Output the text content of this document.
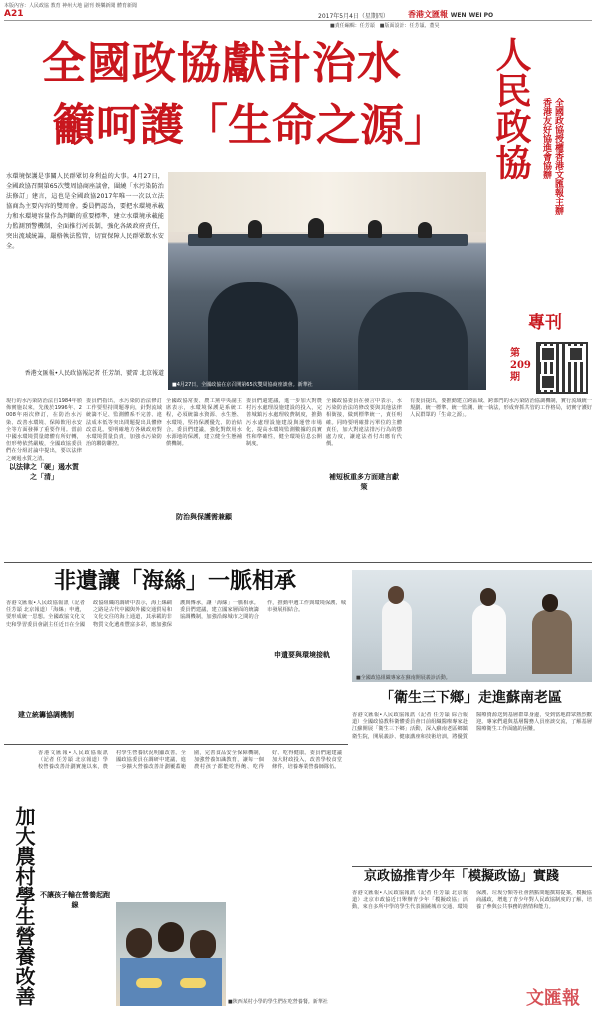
本版內容：人民政協 教育 神州大地 副刊 娛樂新聞 體育新聞
A21	2017年5月4日（星期四） 香港文匯報 WEN WEI PO
■責任編輯：任芳頡　■版面設計：任芳頡、董昊
人民政協 全國政協授權香港文匯報主辦
香港友好協進會協辦
專刊
第209期
全國政協獻計治水
籲呵護「生命之源」
水環境保護是事關人民群眾切身利益的大事。4月27日，全國政協召開第65次雙周協商座談會，圍繞「水污染防治法修訂」建言，這也是全國政協2017年唯一一次以立法協商為主要內容的雙周會。委員們認為，要把水環境承載力和水環境容量作為判斷的重要標準，建立水環境承載能力監測預警機制，全面推行河長制，強化各級政府責任，突出流域統籌，嚴格執法監管，切實保障人民群眾飲水安全。
香港文匯報•人民政協報記者 任芳頡、號雷 北京報道
■4月27日，全國政協在京召開第65次雙周協商座談會。新華社
現行的水污染防治法自1984年頒佈實施以來，先後於1996年、2008年兩次修訂，在防治水污染、改善水環境、保障飲用水安全等方面發揮了重要作用。當前中國水環境質量總體有所好轉，但形勢依然嚴峻，全國政協委員們在分組討論中提出，要以法律之硬遏水質之清。
以法律之「硬」遏水質之「清」
委員們指出，水污染防治法修訂工作要堅持問題導向，針對流域統籌不足、監測體系不完善、違法成本低等突出問題提出具體修改意見。要明確地方各級政府對水環境質量負責，加強水污染防治的聯防聯控。
全國政協常委、農工黨中央副主席表示，水環境保護是系統工程，必須統籌水資源、水生態、水環境，堅持保護優先、防治結合。委員們建議，強化對飲用水水源地的保護，建立健全生態補償機制。
防治與保護需兼顧
委員們還建議，進一步加大對農村污水處理設施建設的投入，完善城鎮污水處理收費制度，推動污水處理設施建設與運營市場化，提高水環境監測數據的真實性和準確性，健全環境信息公開制度。
全國政協委員在發言中表示，水污染防治法的修改要與其他法律相銜接，做到標準統一，責任明確。同時要明確排污單位的主體責任，加大對違法排污行為的懲處力度，讓違法者付出應有代價。
補短板重多方面建言獻策
有委員提出，要推動建立跨區域、跨部門的水污染防治協調機制，實行流域統一規劃、統一標準、統一監測、統一執法，形成齊抓共管的工作格局，切實守護好人民群眾的「生命之源」。
非遺讓「海絲」一脈相承
香港文匯報•人民政協報訊（記者 任芳頡 北京報道）「海絲」申遺，要形成統一思想。全國政協文化文史和學習委員會副主任近日在全國政協組織的調研中表示，海上絲綢之路是古代中國與外國交通貿易和文化交往的海上通道，其承載的非物質文化遺產豐富多彩，應加強保護與傳承，讓「海絲」一脈相承。委員們建議，建立國家層面的統籌協調機制，加強沿線城市之間的合作，推動申遺工作與環境保護、城市發展相結合。
建立統籌協調機制
申遺要與環境接軌
■全國政協組織專家在蘇南開展義診活動。
「衛生三下鄉」走進蘇南老區
香港文匯報•人民政協報訊（記者 任芳頡 綜合報道）全國政協教科衛體委員會日前組織醫療專家赴江蘇開展「衛生三下鄉」活動，深入蘇南老區鄉鎮衛生院，開展義診、健康講座和技術培訓，將優質醫療資源送到基層群眾身邊，受到當地群眾熱烈歡迎。專家們還與基層醫務人員座談交流，了解基層醫療衛生工作面臨的困難。
加大農村學生營養改善
香港文匯報•人民政協報訊（記者 任芳頡 北京報道）學校營養改善計劃實施以來，農村學生營養狀況明顯改善。全國政協委員在調研中建議，進一步擴大營養改善計劃覆蓋範圍，完善食品安全保障機制，加強營養知識教育，讓每一個農村孩子都能吃得飽、吃得好、吃得健康。委員們還建議加大財政投入，改善學校食堂條件，培養專業營養師隊伍。
不讓孩子輸在營養起跑線
■陝西某村小學的學生們在吃營養餐。新華社
京政協推青少年「模擬政協」實踐
香港文匯報•人民政協報訊（記者 任芳頡 北京報道）北京市政協近日舉辦青少年「模擬政協」活動，來自多所中學的學生代表圍繞城市交通、環境保護、垃圾分類等社會熱點問題撰寫提案，模擬協商議政，增進了青少年對人民政協制度的了解，培養了參與公共事務的熱情和能力。
文匯報
